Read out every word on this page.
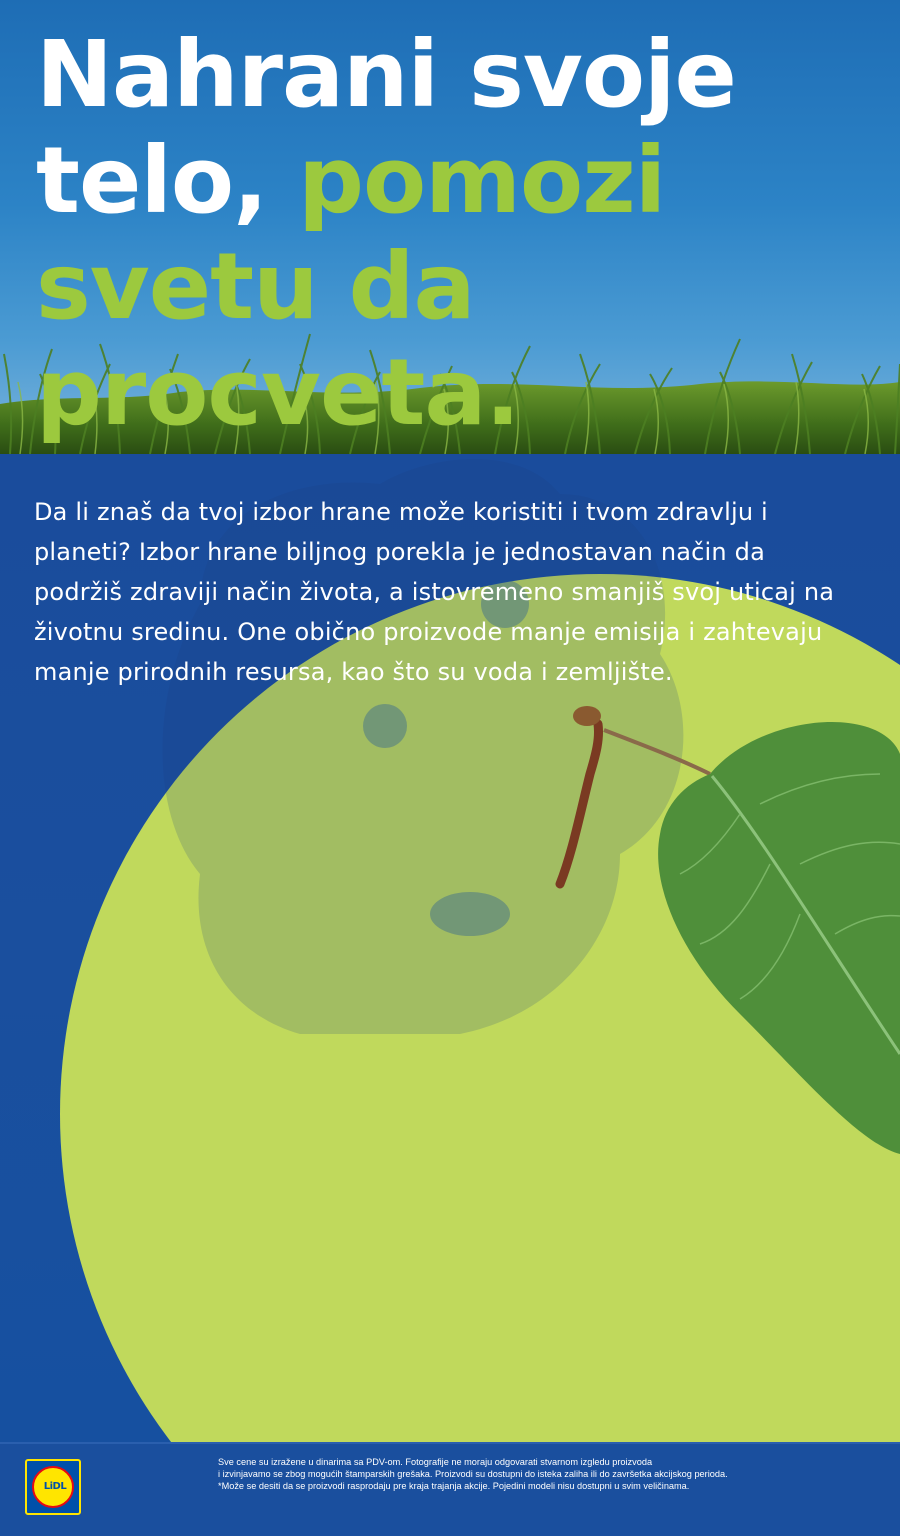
Nahrani svoje
telo, pomozi
svetu da
procveta.

Da li znaš da tvoj izbor hrane može koristiti i tvom zdravlju i planeti? Izbor hrane biljnog porekla je jednostavan način da podržiš zdraviji način života, a istovremeno smanjiš svoj uticaj na životnu sredinu. One obično proizvode manje emisija i zahtevaju manje prirodnih resursa, kao što su voda i zemljište.

LiDL
Sve cene su izražene u dinarima sa PDV-om. Fotografije ne moraju odgovarati stvarnom izgledu proizvoda
i izvinjavamo se zbog mogućih štamparskih grešaka. Proizvodi su dostupni do isteka zaliha ili do završetka akcijskog perioda.
*Može se desiti da se proizvodi rasprodaju pre kraja trajanja akcije. Pojedini modeli nisu dostupni u svim veličinama.
